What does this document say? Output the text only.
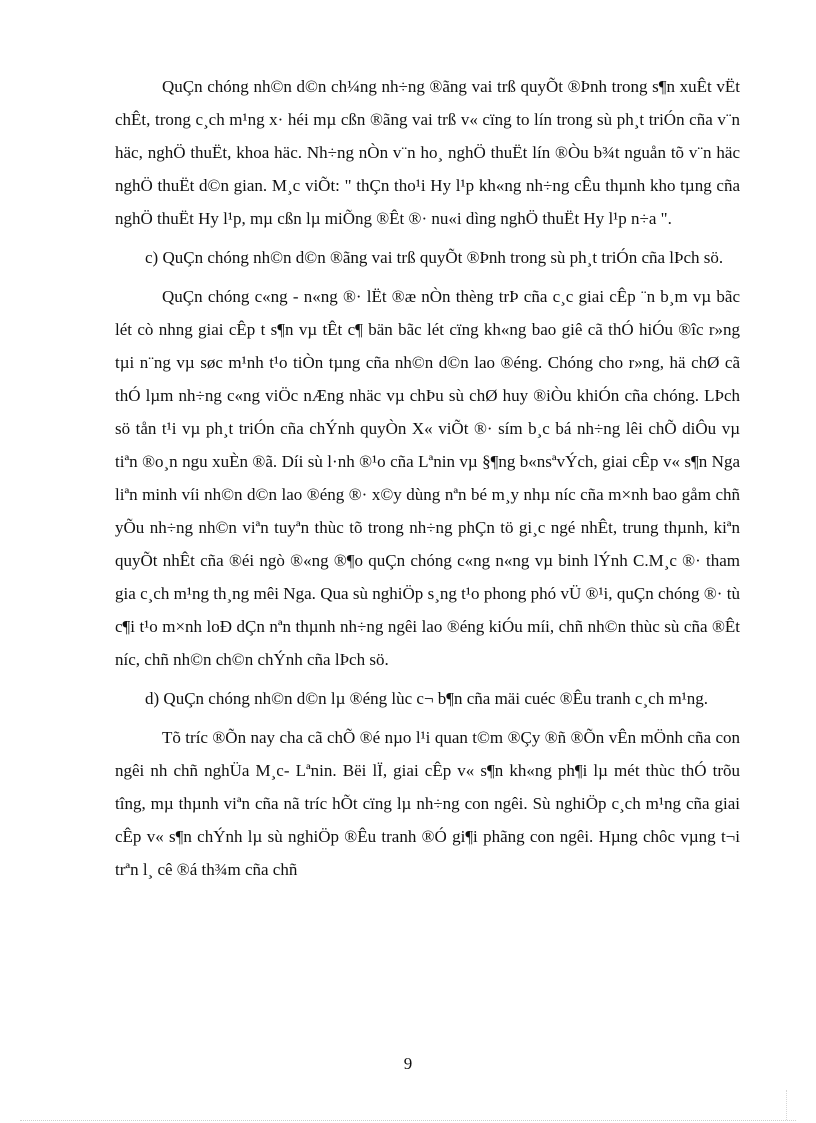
QuÇn chóng nh©n d©n ch¼ng nh÷ng ®ãng vai trß quyÕt ®Þnh trong s¶n xuÊt vËt chÊt, trong c¸ch m¹ng x· héi mµ cßn ®ãng vai trß v« cïng to lín trong sù ph¸t triÓn cña v¨n häc, nghÖ thuËt, khoa häc. Nh÷ng nÒn v¨n ho¸ nghÖ thuËt lín ®Òu b¾t nguån tõ v¨n häc nghÖ thuËt d©n gian. M¸c viÕt: " thÇn tho¹i Hy l¹p kh«ng nh÷ng cÊu thµnh kho tµng cña nghÖ thuËt Hy l¹p, mµ cßn lµ miÕng ®Êt ®· nu«i dìng nghÖ thuËt Hy l¹p n÷a ".

c) QuÇn chóng nh©n d©n ®ãng vai trß quyÕt ®Þnh trong sù ph¸t triÓn cña lÞch sö.

QuÇn chóng c«ng - n«ng ®· lËt ®æ nÒn thèng trÞ cña c¸c giai cÊp ¨n b¸m vµ bãc lét cò nhng giai cÊp t s¶n vµ tÊt c¶ bän bãc lét cïng kh«ng bao giê cã thÓ hiÓu ®îc r»ng tµi n¨ng vµ søc m¹nh t¹o tiÒn tµng cña nh©n d©n lao ®éng. Chóng cho r»ng, hä chØ cã thÓ lµm nh÷ng c«ng viÖc nÆng nhäc vµ chÞu sù chØ huy ®iÒu khiÓn cña chóng. LÞch sö tån t¹i vµ ph¸t triÓn cña chÝnh quyÒn X« viÕt ®· sím b¸c bá nh÷ng lêi chÕ diÔu vµ tiªn ®o¸n ngu xuÈn ®ã. Díi sù l·nh ®¹o cña Lªnin vµ §¶ng b«nsªvÝch, giai cÊp v« s¶n Nga liªn minh víi nh©n d©n lao ®éng ®· x©y dùng nªn bé m¸y nhµ níc cña m×nh bao gåm chñ yÕu nh÷ng nh©n viªn tuyªn thùc tõ trong nh÷ng phÇn tö gi¸c ngé nhÊt, trung thµnh, kiªn quyÕt nhÊt cña ®éi ngò ®«ng ®¶o quÇn chóng c«ng n«ng vµ binh lÝnh C.M¸c ®· tham gia c¸ch m¹ng th¸ng mêi Nga. Qua sù nghiÖp s¸ng t¹o phong phó vÜ ®¹i, quÇn chóng ®· tù c¶i t¹o m×nh loÐ dÇn nªn thµnh nh÷ng ngêi lao ®éng kiÓu míi, chñ nh©n thùc sù cña ®Êt níc, chñ nh©n ch©n chÝnh cña lÞch sö.

d) QuÇn chóng nh©n d©n lµ ®éng lùc c¬ b¶n cña mäi cuéc ®Êu tranh c¸ch m¹ng.

Tõ tríc ®Õn nay cha cã chÕ ®é nµo l¹i quan t©m ®Çy ®ñ ®Õn vÊn mÖnh cña con ngêi nh chñ nghÜa M¸c- Lªnin. Bëi lÏ, giai cÊp v« s¶n kh«ng ph¶i lµ mét thùc thÓ trõu tîng, mµ thµnh viªn cña nã tríc hÕt cïng lµ nh÷ng con ngêi. Sù nghiÖp c¸ch m¹ng cña giai cÊp v« s¶n chÝnh lµ sù nghiÖp ®Êu tranh ®Ó gi¶i phãng con ngêi. Hµng chôc vµng t¬i trªn l¸ cê ®á th¾m cña chñ

9
